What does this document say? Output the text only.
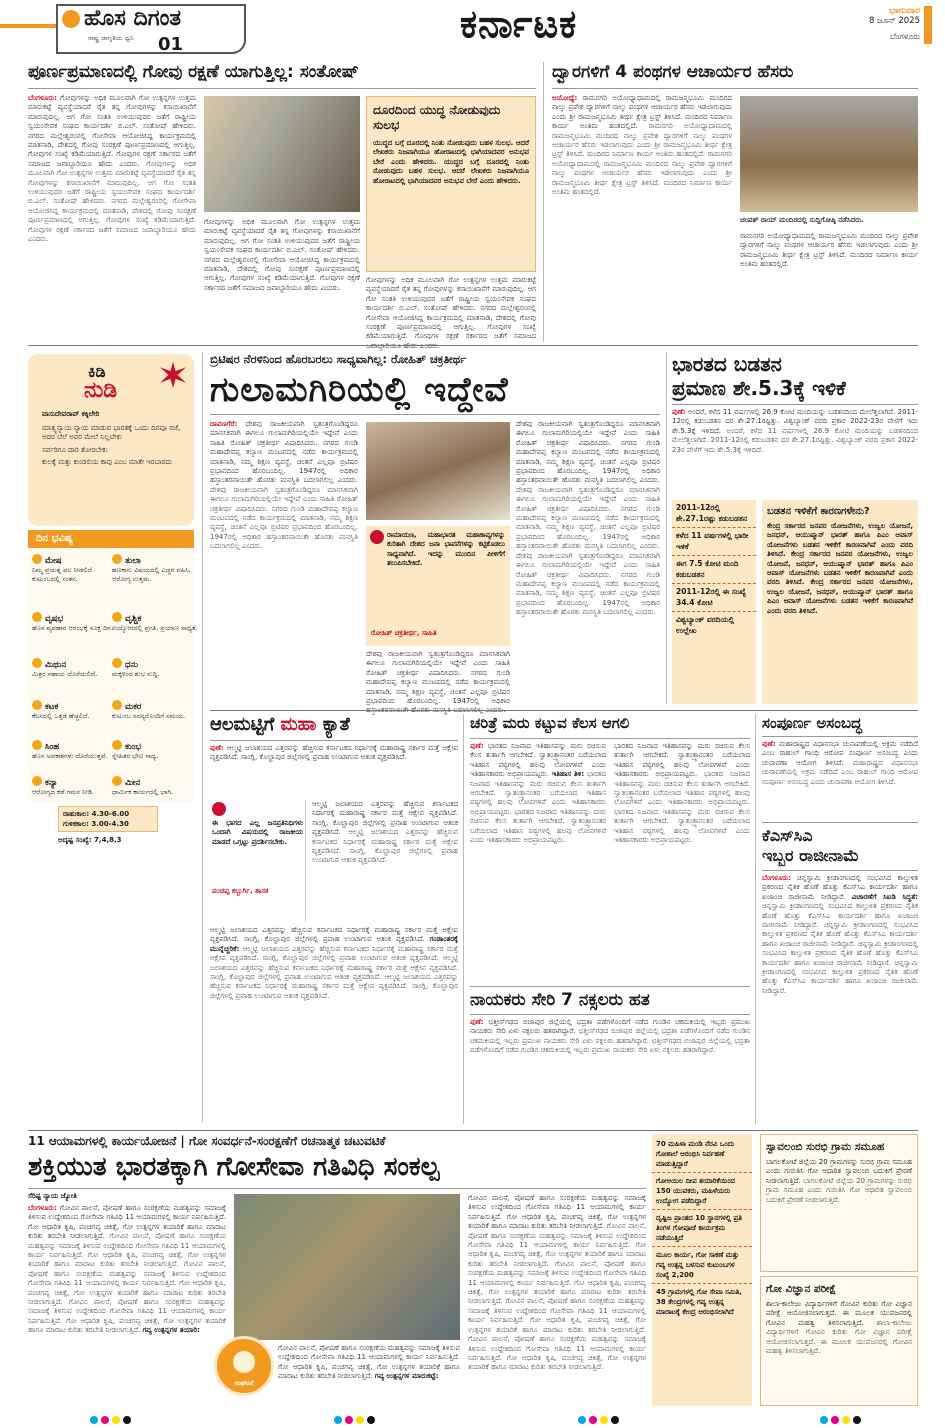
ಹೊಸ ದಿಗಂತ
ರಾಷ್ಟ್ರ ಜಾಗೃತಿಯ ಧ್ವನಿ 01	ಕರ್ನಾಟಕ	ಭಾನುವಾರ
8 ಜೂನ್ 2025
ಬೆಂಗಳೂರು
ಪೂರ್ಣಪ್ರಮಾಣದಲ್ಲಿ ಗೋವು ರಕ್ಷಣೆ ಯಾಗುತ್ತಿಲ್ಲ: ಸಂತೋಷ್
ಬೆಂಗಳೂರು: ಗೋವುಗಳನ್ನು ಅಧಿಕ ಮೂಲವಾಗಿ ಗೋ ಉತ್ಪನ್ನಗಳ ಉತ್ತಮ ಮಾರುಕಟ್ಟೆ ವ್ಯವಸ್ಥೆಯಾದರೆ ರೈತ ತನ್ನ ಗೋವುಗಳನ್ನು ಕಸಾಯಿಖಾನೆಗೆ ಮಾರುವುದಿಲ್ಲ. ಆಗ ಗೋ ಸಂತತಿ ಉಳಿಯುವುದರ ಜತೆಗೆ ರಾಷ್ಟ್ರೀಯ ಸ್ವಯಂಸೇವಕ ಸಂಘದ ಕಾರ್ಯದರ್ಶಿ ಬಿ.ಎಲ್. ಸಂತೋಷ್ ಹೇಳಿದರು. ನಗರದ ಮಲ್ಲೇಶ್ವರಂನಲ್ಲಿ ಗೋಸೇವಾ ಆಯೋಜಿಸಿದ್ದ ಕಾರ್ಯಕ್ರಮದಲ್ಲಿ ಮಾತನಾಡಿ, ದೇಶದಲ್ಲಿ ಗೋವು ಸಂರಕ್ಷಣೆ ಪೂರ್ಣಪ್ರಮಾಣದಲ್ಲಿ ಆಗುತ್ತಿಲ್ಲ. ಗೋವುಗಳ ಸಂಖ್ಯೆ ಕಡಿಮೆಯಾಗುತ್ತಿದೆ. ಗೋವುಗಳ ರಕ್ಷಣೆ ಸರ್ಕಾರದ ಜತೆಗೆ ಸಮಾಜದ ಜವಾಬ್ದಾರಿಯೂ ಹೌದು ಎಂದರು. ಗೋವುಗಳನ್ನು ಅಧಿಕ ಮೂಲವಾಗಿ ಗೋ ಉತ್ಪನ್ನಗಳ ಉತ್ತಮ ಮಾರುಕಟ್ಟೆ ವ್ಯವಸ್ಥೆಯಾದರೆ ರೈತ ತನ್ನ ಗೋವುಗಳನ್ನು ಕಸಾಯಿಖಾನೆಗೆ ಮಾರುವುದಿಲ್ಲ. ಆಗ ಗೋ ಸಂತತಿ ಉಳಿಯುವುದರ ಜತೆಗೆ ರಾಷ್ಟ್ರೀಯ ಸ್ವಯಂಸೇವಕ ಸಂಘದ ಕಾರ್ಯದರ್ಶಿ ಬಿ.ಎಲ್. ಸಂತೋಷ್ ಹೇಳಿದರು. ನಗರದ ಮಲ್ಲೇಶ್ವರಂನಲ್ಲಿ ಗೋಸೇವಾ ಆಯೋಜಿಸಿದ್ದ ಕಾರ್ಯಕ್ರಮದಲ್ಲಿ ಮಾತನಾಡಿ, ದೇಶದಲ್ಲಿ ಗೋವು ಸಂರಕ್ಷಣೆ ಪೂರ್ಣಪ್ರಮಾಣದಲ್ಲಿ ಆಗುತ್ತಿಲ್ಲ. ಗೋವುಗಳ ಸಂಖ್ಯೆ ಕಡಿಮೆಯಾಗುತ್ತಿದೆ. ಗೋವುಗಳ ರಕ್ಷಣೆ ಸರ್ಕಾರದ ಜತೆಗೆ ಸಮಾಜದ ಜವಾಬ್ದಾರಿಯೂ ಹೌದು ಎಂದರು.
ಗೋವುಗಳನ್ನು ಅಧಿಕ ಮೂಲವಾಗಿ ಗೋ ಉತ್ಪನ್ನಗಳ ಉತ್ತಮ ಮಾರುಕಟ್ಟೆ ವ್ಯವಸ್ಥೆಯಾದರೆ ರೈತ ತನ್ನ ಗೋವುಗಳನ್ನು ಕಸಾಯಿಖಾನೆಗೆ ಮಾರುವುದಿಲ್ಲ. ಆಗ ಗೋ ಸಂತತಿ ಉಳಿಯುವುದರ ಜತೆಗೆ ರಾಷ್ಟ್ರೀಯ ಸ್ವಯಂಸೇವಕ ಸಂಘದ ಕಾರ್ಯದರ್ಶಿ ಬಿ.ಎಲ್. ಸಂತೋಷ್ ಹೇಳಿದರು. ನಗರದ ಮಲ್ಲೇಶ್ವರಂನಲ್ಲಿ ಗೋಸೇವಾ ಆಯೋಜಿಸಿದ್ದ ಕಾರ್ಯಕ್ರಮದಲ್ಲಿ ಮಾತನಾಡಿ, ದೇಶದಲ್ಲಿ ಗೋವು ಸಂರಕ್ಷಣೆ ಪೂರ್ಣಪ್ರಮಾಣದಲ್ಲಿ ಆಗುತ್ತಿಲ್ಲ. ಗೋವುಗಳ ಸಂಖ್ಯೆ ಕಡಿಮೆಯಾಗುತ್ತಿದೆ. ಗೋವುಗಳ ರಕ್ಷಣೆ ಸರ್ಕಾರದ ಜತೆಗೆ ಸಮಾಜದ ಜವಾಬ್ದಾರಿಯೂ ಹೌದು ಎಂದರು.
ದೂರದಿಂದ ಯುದ್ಧ ನೋಡುವುದು ಸುಲಭ
ಯುದ್ಧದ ಬಗ್ಗೆ ದೂರದಲ್ಲಿ ನಿಂತು ನೋಡುವುದು ಬಹಳ ಸುಲಭ. ಆದರೆ ಲೇಖಕರು ನಿಜವಾಗಿಯೂ ಹೋರಾಟದಲ್ಲಿ ಭಾಗಿಯಾದವರ ಅನುಭವ ಬೇರೆ ಎಂದು ಹೇಳಿದರು. ಯುದ್ಧದ ಬಗ್ಗೆ ದೂರದಲ್ಲಿ ನಿಂತು ನೋಡುವುದು ಬಹಳ ಸುಲಭ. ಆದರೆ ಲೇಖಕರು ನಿಜವಾಗಿಯೂ ಹೋರಾಟದಲ್ಲಿ ಭಾಗಿಯಾದವರ ಅನುಭವ ಬೇರೆ ಎಂದು ಹೇಳಿದರು.
ಗೋವುಗಳನ್ನು ಅಧಿಕ ಮೂಲವಾಗಿ ಗೋ ಉತ್ಪನ್ನಗಳ ಉತ್ತಮ ಮಾರುಕಟ್ಟೆ ವ್ಯವಸ್ಥೆಯಾದರೆ ರೈತ ತನ್ನ ಗೋವುಗಳನ್ನು ಕಸಾಯಿಖಾನೆಗೆ ಮಾರುವುದಿಲ್ಲ. ಆಗ ಗೋ ಸಂತತಿ ಉಳಿಯುವುದರ ಜತೆಗೆ ರಾಷ್ಟ್ರೀಯ ಸ್ವಯಂಸೇವಕ ಸಂಘದ ಕಾರ್ಯದರ್ಶಿ ಬಿ.ಎಲ್. ಸಂತೋಷ್ ಹೇಳಿದರು. ನಗರದ ಮಲ್ಲೇಶ್ವರಂನಲ್ಲಿ ಗೋಸೇವಾ ಆಯೋಜಿಸಿದ್ದ ಕಾರ್ಯಕ್ರಮದಲ್ಲಿ ಮಾತನಾಡಿ, ದೇಶದಲ್ಲಿ ಗೋವು ಸಂರಕ್ಷಣೆ ಪೂರ್ಣಪ್ರಮಾಣದಲ್ಲಿ ಆಗುತ್ತಿಲ್ಲ. ಗೋವುಗಳ ಸಂಖ್ಯೆ ಕಡಿಮೆಯಾಗುತ್ತಿದೆ. ಗೋವುಗಳ ರಕ್ಷಣೆ ಸರ್ಕಾರದ ಜತೆಗೆ ಸಮಾಜದ
ದ್ವಾರಗಳಿಗೆ 4 ಪಂಥಗಳ ಆಚಾರ್ಯರ ಹೆಸರು
ಅಯೋಧ್ಯೆ: ರಾಮನಗರಿ ಅಯೋಧ್ಯಾಧಾಮದಲ್ಲಿ ರಾಮಜನ್ಮಭೂಮಿ ಮಂದಿರದ ನಾಲ್ಕು ಪ್ರವೇಶ ದ್ವಾರಗಳಿಗೆ ನಾಲ್ಕು ಪಂಥಗಳ ಆಚಾರ್ಯರ ಹೆಸರು ಇಡಲಾಗುವುದು ಎಂದು ಶ್ರೀ ರಾಮಜನ್ಮಭೂಮಿ ತೀರ್ಥ ಕ್ಷೇತ್ರ ಟ್ರಸ್ಟ್ ತಿಳಿಸಿದೆ. ಮಂದಿರದ ನಿರ್ಮಾಣ ಕಾರ್ಯ ಅಂತಿಮ ಹಂತದಲ್ಲಿದೆ. ರಾಮನಗರಿ ಅಯೋಧ್ಯಾಧಾಮದಲ್ಲಿ ರಾಮಜನ್ಮಭೂಮಿ ಮಂದಿರದ ನಾಲ್ಕು ಪ್ರವೇಶ ದ್ವಾರಗಳಿಗೆ ನಾಲ್ಕು ಪಂಥಗಳ ಆಚಾರ್ಯರ ಹೆಸರು ಇಡಲಾಗುವುದು ಎಂದು ಶ್ರೀ ರಾಮಜನ್ಮಭೂಮಿ ತೀರ್ಥ ಕ್ಷೇತ್ರ ಟ್ರಸ್ಟ್ ತಿಳಿಸಿದೆ. ಮಂದಿರದ ನಿರ್ಮಾಣ ಕಾರ್ಯ ಅಂತಿಮ ಹಂತದಲ್ಲಿದೆ. ರಾಮನಗರಿ ಅಯೋಧ್ಯಾಧಾಮದಲ್ಲಿ ರಾಮಜನ್ಮಭೂಮಿ ಮಂದಿರದ ನಾಲ್ಕು ಪ್ರವೇಶ ದ್ವಾರಗಳಿಗೆ ನಾಲ್ಕು ಪಂಥಗಳ ಆಚಾರ್ಯರ ಹೆಸರು ಇಡಲಾಗುವುದು ಎಂದು ಶ್ರೀ ರಾಮಜನ್ಮಭೂಮಿ ತೀರ್ಥ ಕ್ಷೇತ್ರ ಟ್ರಸ್ಟ್ ತಿಳಿಸಿದೆ. ಮಂದಿರದ ನಿರ್ಮಾಣ ಕಾರ್ಯ ಅಂತಿಮ ಹಂತದಲ್ಲಿದೆ.
ಚಂಪತ್ ರಾಯ್ ಮಂದಿರದಲ್ಲಿ ಸುದ್ದಿಗೋಷ್ಠಿ ನಡೆಸಿದರು.
ರಾಮನಗರಿ ಅಯೋಧ್ಯಾಧಾಮದಲ್ಲಿ ರಾಮಜನ್ಮಭೂಮಿ ಮಂದಿರದ ನಾಲ್ಕು ಪ್ರವೇಶ ದ್ವಾರಗಳಿಗೆ ನಾಲ್ಕು ಪಂಥಗಳ ಆಚಾರ್ಯರ ಹೆಸರು ಇಡಲಾಗುವುದು ಎಂದು ಶ್ರೀ ರಾಮಜನ್ಮಭೂಮಿ ತೀರ್ಥ ಕ್ಷೇತ್ರ ಟ್ರಸ್ಟ್ ತಿಳಿಸಿದೆ. ಮಂದಿರದ ನಿರ್ಮಾಣ ಕಾರ್ಯ ಅಂತಿಮ ಹಂತದಲ್ಲಿದೆ.
ಕಿಡಿ
ನುಡಿ
ವಾಸುದೇವರಾವ್ ಕಕ್ಕಿಲೇರಿ
ಮಾತ್ಸ್ಯನ್ಯಾಯ ನ್ಯಾಯ ಮಾಡುವ ಭಾರತಕ್ಕೆ ಒಂದು ದಿನವೂ ರಜೆ, ಅದರ ಬೆಲೆ ಅವರ ಮೇಲೆ ನಿಲ್ಲಬೇಕು
ಸರ್ವರಿಗೂ ದಾರಿ ತೋರಬೇಕು
ಕುಲಕ್ಕೆ ಮತ್ತು ಕುಂಡಲಿಯ ಕಾವು ಎಂಬ ಮಾತೇ ಇರಬಾರದು
ದಿನ ಭವಿಷ್ಯ
ಮೇಷ
ನಿಮ್ಮ ಪ್ರಯತ್ನ ಫಲ ನೀಡಲಿದೆ. ಕುಟುಂಬದಲ್ಲಿ ಸಂತಸ.
ತುಲಾ
ಹಣಕಾಸು ವಿಷಯದಲ್ಲಿ ಎಚ್ಚರ ವಹಿಸಿ. ಆರೋಗ್ಯ ಉತ್ತಮ.
ವೃಷಭ
ಹೊಸ ವ್ಯವಹಾರ ಆರಂಭಕ್ಕೆ ಸೂಕ್ತ ದಿನ.
ವೃಶ್ಚಿಕ
ಉದ್ಯೋಗದಲ್ಲಿ ಪ್ರಗತಿ. ಪ್ರಯಾಣ ಸಾಧ್ಯತೆ.
ಮಿಥುನ
ಮಿತ್ರರ ಸಹಾಯ ದೊರೆಯಲಿದೆ.
ಧನು
ಮಕ್ಕಳಿಂದ ಶುಭ ಸುದ್ದಿ.
ಕಟಕ
ಕೆಲಸದಲ್ಲಿ ಒತ್ತಡ ಹೆಚ್ಚಲಿದೆ.
ಮಕರ
ಕುಟುಂಬ ಸದಸ್ಯರೊಂದಿಗೆ ಸಮಯ.
ಸಿಂಹ
ಹೊಸ ಅವಕಾಶಗಳು ದೊರೆಯುತ್ತವೆ.
ಕುಂಭ
ಸ್ನೇಹಿತರ ಭೇಟಿ ಸಾಧ್ಯ.
ಕನ್ಯಾ
ಆರೋಗ್ಯದ ಕಡೆ ಗಮನ ನೀಡಿ.
ಮೀನ
ಧಾರ್ಮಿಕ ಕಾರ್ಯದಲ್ಲಿ ಭಾಗಿ.
ರಾಹುಕಾಲ: 4.30-6.00
ಗುಳಿಕಕಾಲ: 3.00-4.30
ಅದೃಷ್ಟ ಸಂಖ್ಯೆ: 7,4,8,3
ಬ್ರಿಟಿಷರ ನೆರಳಿನಿಂದ ಹೊರಬರಲು ಸಾಧ್ಯವಾಗಿಲ್ಲ: ರೋಹಿತ್ ಚಕ್ರತೀರ್ಥ
ಗುಲಾಮಗಿರಿಯಲ್ಲಿ ಇದ್ದೇವೆ
ದಾವಣಗೆರೆ: ದೇಶವು ರಾಜಕೀಯವಾಗಿ ಸ್ವತಂತ್ರಗೊಂಡಿದ್ದರೂ ಮಾನಸಿಕವಾಗಿ ಈಗಲೂ ಗುಲಾಮಗಿರಿಯಲ್ಲಿಯೇ ಇದ್ದೇವೆ ಎಂದು ಸಾಹಿತಿ ರೋಹಿತ್ ಚಕ್ರತೀರ್ಥ ವಿಷಾದಿಸಿದರು. ನಗರದ ಗುಂಡಿ ಮಹಾದೇವಪ್ಪ ಕಲ್ಯಾಣ ಮಂಟಪದಲ್ಲಿ ನಡೆದ ಕಾರ್ಯಕ್ರಮದಲ್ಲಿ ಮಾತನಾಡಿ, ನಮ್ಮ ಶಿಕ್ಷಣ ವ್ಯವಸ್ಥೆ, ಚಿಂತನೆ ಎಲ್ಲವೂ ಬ್ರಿಟಿಷರ ಪ್ರಭಾವದಿಂದ ಹೊರಬಂದಿಲ್ಲ. 1947ರಲ್ಲಿ ಅಧಿಕಾರ ಹಸ್ತಾಂತರವಾಯಿತೇ ಹೊರತು ಮನಸ್ಥಿತಿ ಬದಲಾಗಲಿಲ್ಲ ಎಂದರು. ದೇಶವು ರಾಜಕೀಯವಾಗಿ ಸ್ವತಂತ್ರಗೊಂಡಿದ್ದರೂ ಮಾನಸಿಕವಾಗಿ ಈಗಲೂ ಗುಲಾಮಗಿರಿಯಲ್ಲಿಯೇ ಇದ್ದೇವೆ ಎಂದು ಸಾಹಿತಿ ರೋಹಿತ್ ಚಕ್ರತೀರ್ಥ ವಿಷಾದಿಸಿದರು. ನಗರದ ಗುಂಡಿ ಮಹಾದೇವಪ್ಪ ಕಲ್ಯಾಣ ಮಂಟಪದಲ್ಲಿ ನಡೆದ ಕಾರ್ಯಕ್ರಮದಲ್ಲಿ ಮಾತನಾಡಿ, ನಮ್ಮ ಶಿಕ್ಷಣ ವ್ಯವಸ್ಥೆ, ಚಿಂತನೆ ಎಲ್ಲವೂ ಬ್ರಿಟಿಷರ ಪ್ರಭಾವದಿಂದ ಹೊರಬಂದಿಲ್ಲ. 1947ರಲ್ಲಿ ಅಧಿಕಾರ ಹಸ್ತಾಂತರವಾಯಿತೇ ಹೊರತು ಮನಸ್ಥಿತಿ ಬದಲಾಗಲಿಲ್ಲ ಎಂದರು.
ರಾಮಾಯಣ, ಮಹಾಭಾರತ ಮಹಾಕಾವ್ಯಗಳನ್ನು ಕುರಿತಾಗಿ ದೇಶದ ಜನಾ ಭಾವನೆಗಳನ್ನು ಕಟ್ಟಿಕೊಡಲು ಸಾಧ್ಯವಾಗಿದೆ. ಇದನ್ನು ಮುಂದಿನ ಪೀಳಿಗೆಗೆ ತಲುಪಿಸಬೇಕಿದೆ.
ರೋಹಿತ್ ಚಕ್ರತೀರ್ಥ, ಸಾಹಿತಿ
ದೇಶವು ರಾಜಕೀಯವಾಗಿ ಸ್ವತಂತ್ರಗೊಂಡಿದ್ದರೂ ಮಾನಸಿಕವಾಗಿ ಈಗಲೂ ಗುಲಾಮಗಿರಿಯಲ್ಲಿಯೇ ಇದ್ದೇವೆ ಎಂದು ಸಾಹಿತಿ ರೋಹಿತ್ ಚಕ್ರತೀರ್ಥ ವಿಷಾದಿಸಿದರು. ನಗರದ ಗುಂಡಿ ಮಹಾದೇವಪ್ಪ ಕಲ್ಯಾಣ ಮಂಟಪದಲ್ಲಿ ನಡೆದ ಕಾರ್ಯಕ್ರಮದಲ್ಲಿ ಮಾತನಾಡಿ, ನಮ್ಮ ಶಿಕ್ಷಣ ವ್ಯವಸ್ಥೆ, ಚಿಂತನೆ ಎಲ್ಲವೂ ಬ್ರಿಟಿಷರ ಪ್ರಭಾವದಿಂದ ಹೊರಬಂದಿಲ್ಲ. 1947ರಲ್ಲಿ ಅಧಿಕಾರ
ದೇಶವು ರಾಜಕೀಯವಾಗಿ ಸ್ವತಂತ್ರಗೊಂಡಿದ್ದರೂ ಮಾನಸಿಕವಾಗಿ ಈಗಲೂ ಗುಲಾಮಗಿರಿಯಲ್ಲಿಯೇ ಇದ್ದೇವೆ ಎಂದು ಸಾಹಿತಿ ರೋಹಿತ್ ಚಕ್ರತೀರ್ಥ ವಿಷಾದಿಸಿದರು. ನಗರದ ಗುಂಡಿ ಮಹಾದೇವಪ್ಪ ಕಲ್ಯಾಣ ಮಂಟಪದಲ್ಲಿ ನಡೆದ ಕಾರ್ಯಕ್ರಮದಲ್ಲಿ ಮಾತನಾಡಿ, ನಮ್ಮ ಶಿಕ್ಷಣ ವ್ಯವಸ್ಥೆ, ಚಿಂತನೆ ಎಲ್ಲವೂ ಬ್ರಿಟಿಷರ ಪ್ರಭಾವದಿಂದ ಹೊರಬಂದಿಲ್ಲ. 1947ರಲ್ಲಿ ಅಧಿಕಾರ ಹಸ್ತಾಂತರವಾಯಿತೇ ಹೊರತು ಮನಸ್ಥಿತಿ ಬದಲಾಗಲಿಲ್ಲ ಎಂದರು. ದೇಶವು ರಾಜಕೀಯವಾಗಿ ಸ್ವತಂತ್ರಗೊಂಡಿದ್ದರೂ ಮಾನಸಿಕವಾಗಿ ಈಗಲೂ ಗುಲಾಮಗಿರಿಯಲ್ಲಿಯೇ ಇದ್ದೇವೆ ಎಂದು ಸಾಹಿತಿ ರೋಹಿತ್ ಚಕ್ರತೀರ್ಥ ವಿಷಾದಿಸಿದರು. ನಗರದ ಗುಂಡಿ ಮಹಾದೇವಪ್ಪ ಕಲ್ಯಾಣ ಮಂಟಪದಲ್ಲಿ ನಡೆದ ಕಾರ್ಯಕ್ರಮದಲ್ಲಿ ಮಾತನಾಡಿ, ನಮ್ಮ ಶಿಕ್ಷಣ ವ್ಯವಸ್ಥೆ, ಚಿಂತನೆ ಎಲ್ಲವೂ ಬ್ರಿಟಿಷರ ಪ್ರಭಾವದಿಂದ ಹೊರಬಂದಿಲ್ಲ. 1947ರಲ್ಲಿ ಅಧಿಕಾರ ಹಸ್ತಾಂತರವಾಯಿತೇ ಹೊರತು ಮನಸ್ಥಿತಿ ಬದಲಾಗಲಿಲ್ಲ ಎಂದರು. ದೇಶವು ರಾಜಕೀಯವಾಗಿ ಸ್ವತಂತ್ರಗೊಂಡಿದ್ದರೂ ಮಾನಸಿಕವಾಗಿ ಈಗಲೂ ಗುಲಾಮಗಿರಿಯಲ್ಲಿಯೇ ಇದ್ದೇವೆ ಎಂದು ಸಾಹಿತಿ ರೋಹಿತ್ ಚಕ್ರತೀರ್ಥ ವಿಷಾದಿಸಿದರು. ನಗರದ ಗುಂಡಿ ಮಹಾದೇವಪ್ಪ ಕಲ್ಯಾಣ ಮಂಟಪದಲ್ಲಿ ನಡೆದ ಕಾರ್ಯಕ್ರಮದಲ್ಲಿ ಮಾತನಾಡಿ, ನಮ್ಮ ಶಿಕ್ಷಣ ವ್ಯವಸ್ಥೆ, ಚಿಂತನೆ ಎಲ್ಲವೂ ಬ್ರಿಟಿಷರ ಪ್ರಭಾವದಿಂದ ಹೊರಬಂದಿಲ್ಲ. 1947ರಲ್ಲಿ ಅಧಿಕಾರ ಹಸ್ತಾಂತರವಾಯಿತೇ ಹೊರತು ಮನಸ್ಥಿತಿ ಬದಲಾಗಲಿಲ್ಲ ಎಂದರು.
ಭಾರತದ ಬಡತನ
ಪ್ರಮಾಣ ಶೇ.5.3ಕ್ಕೆ ಇಳಿಕೆ
ಪುಣೆ: ಅಂದರೆ, ಕಳೆದ 11 ವರ್ಷಗಳಲ್ಲಿ 26.9 ಕೋಟಿ ಮಂದಿಯನ್ನು ಬಡತನದಿಂದ ಮೇಲೆತ್ತಲಾಗಿದೆ. 2011-12ರಲ್ಲಿ ಕಡುಬಡತನ ದರ ಶೇ.27.1ರಷ್ಟಿತ್ತು. ವಿಶ್ವಬ್ಯಾಂಕ್ ವರದಿ ಪ್ರಕಾರ 2022-23ರ ವೇಳೆಗೆ ಇದು ಶೇ.5.3ಕ್ಕೆ ಇಳಿದಿದೆ. ಅಂದರೆ, ಕಳೆದ 11 ವರ್ಷಗಳಲ್ಲಿ 26.9 ಕೋಟಿ ಮಂದಿಯನ್ನು ಬಡತನದಿಂದ ಮೇಲೆತ್ತಲಾಗಿದೆ. 2011-12ರಲ್ಲಿ ಕಡುಬಡತನ ದರ ಶೇ.27.1ರಷ್ಟಿತ್ತು. ವಿಶ್ವಬ್ಯಾಂಕ್ ವರದಿ ಪ್ರಕಾರ 2022-23ರ ವೇಳೆಗೆ ಇದು ಶೇ.5.3ಕ್ಕೆ ಇಳಿದಿದೆ.
2011-12ರಲ್ಲಿ ಶೇ.27.1ರಷ್ಟು ಕಡುಬಡತನ
ಕಳೆದ 11 ವರ್ಷಗಳಲ್ಲಿ ಭಾರೀ ಇಳಿಕೆ
ಈಗ 7.5 ಕೋಟಿ ಮಂದಿ ಕಡುಬಡತನ
2011-12ರಲ್ಲಿ ಈ ಸಂಖ್ಯೆ 34.4 ಕೋಟಿ
ವಿಶ್ವಬ್ಯಾಂಕ್ ವರದಿಯಲ್ಲಿ ಉಲ್ಲೇಖ
ಬಡತನ ಇಳಿಕೆಗೆ ಕಾರಣಗಳೇನು?
ಕೇಂದ್ರ ಸರ್ಕಾರದ ಜನಪರ ಯೋಜನೆಗಳು, ಉಜ್ವಲ ಯೋಜನೆ, ಜನಧನ್, ಆಯುಷ್ಮಾನ್ ಭಾರತ್ ಹಾಗೂ ಪಿಎಂ ಆವಾಸ್ ಯೋಜನೆಗಳು ಬಡತನ ಇಳಿಕೆಗೆ ಕಾರಣವಾಗಿವೆ ಎಂದು ವರದಿ ತಿಳಿಸಿದೆ. ಕೇಂದ್ರ ಸರ್ಕಾರದ ಜನಪರ ಯೋಜನೆಗಳು, ಉಜ್ವಲ ಯೋಜನೆ, ಜನಧನ್, ಆಯುಷ್ಮಾನ್ ಭಾರತ್ ಹಾಗೂ ಪಿಎಂ ಆವಾಸ್ ಯೋಜನೆಗಳು ಬಡತನ ಇಳಿಕೆಗೆ ಕಾರಣವಾಗಿವೆ ಎಂದು ವರದಿ ತಿಳಿಸಿದೆ. ಕೇಂದ್ರ ಸರ್ಕಾರದ ಜನಪರ ಯೋಜನೆಗಳು, ಉಜ್ವಲ ಯೋಜನೆ, ಜನಧನ್, ಆಯುಷ್ಮಾನ್ ಭಾರತ್ ಹಾಗೂ ಪಿಎಂ ಆವಾಸ್ ಯೋಜನೆಗಳು ಬಡತನ ಇಳಿಕೆಗೆ ಕಾರಣವಾಗಿವೆ ಎಂದು ವರದಿ ತಿಳಿಸಿದೆ.
ಆಲಮಟ್ಟಿಗೆ ಮಹಾ ಕ್ಯಾತೆ
ಪುಣೆ: ಆಲ್ಮಟ್ಟಿ ಜಲಾಶಯದ ಎತ್ತರವನ್ನು ಹೆಚ್ಚಿಸುವ ಕರ್ನಾಟಕದ ನಿರ್ಧಾರಕ್ಕೆ ಮಹಾರಾಷ್ಟ್ರ ಸರ್ಕಾರ ಮತ್ತೆ ಆಕ್ಷೇಪ ವ್ಯಕ್ತಪಡಿಸಿದೆ. ಸಾಂಗ್ಲಿ, ಕೊಲ್ಹಾಪುರ ಜಿಲ್ಲೆಗಳಲ್ಲಿ ಪ್ರವಾಹ ಉಂಟಾಗುವ ಆತಂಕ ವ್ಯಕ್ತಪಡಿಸಿದೆ.
ಈ ಭಾಗದ ಎಲ್ಲ ಜನಪ್ರತಿನಿಧಿಗಳು ಒಂದಾಗಿ ವಿಷಯದಲ್ಲಿ ರಾಜಕೀಯ ಮಾಡದೆ ಒಗ್ಗಟ್ಟು ಪ್ರದರ್ಶಿಸಬೇಕು.
ಪಂಚಪ್ಪ ಕಲ್ಬುರ್ಗಿ, ಶಾಸಕ
ಆಲ್ಮಟ್ಟಿ ಜಲಾಶಯದ ಎತ್ತರವನ್ನು ಹೆಚ್ಚಿಸುವ ಕರ್ನಾಟಕದ ನಿರ್ಧಾರಕ್ಕೆ ಮಹಾರಾಷ್ಟ್ರ ಸರ್ಕಾರ ಮತ್ತೆ ಆಕ್ಷೇಪ ವ್ಯಕ್ತಪಡಿಸಿದೆ. ಸಾಂಗ್ಲಿ, ಕೊಲ್ಹಾಪುರ ಜಿಲ್ಲೆಗಳಲ್ಲಿ ಪ್ರವಾಹ ಉಂಟಾಗುವ ಆತಂಕ ವ್ಯಕ್ತಪಡಿಸಿದೆ. ಆಲ್ಮಟ್ಟಿ ಜಲಾಶಯದ ಎತ್ತರವನ್ನು ಹೆಚ್ಚಿಸುವ ಕರ್ನಾಟಕದ ನಿರ್ಧಾರಕ್ಕೆ ಮಹಾರಾಷ್ಟ್ರ ಸರ್ಕಾರ ಮತ್ತೆ ಆಕ್ಷೇಪ ವ್ಯಕ್ತಪಡಿಸಿದೆ. ಸಾಂಗ್ಲಿ, ಕೊಲ್ಹಾಪುರ ಜಿಲ್ಲೆಗಳಲ್ಲಿ ಪ್ರವಾಹ ಉಂಟಾಗುವ ಆತಂಕ ವ್ಯಕ್ತಪಡಿಸಿದೆ.
ಆಲ್ಮಟ್ಟಿ ಜಲಾಶಯದ ಎತ್ತರವನ್ನು ಹೆಚ್ಚಿಸುವ ಕರ್ನಾಟಕದ ನಿರ್ಧಾರಕ್ಕೆ ಮಹಾರಾಷ್ಟ್ರ ಸರ್ಕಾರ ಮತ್ತೆ ಆಕ್ಷೇಪ ವ್ಯಕ್ತಪಡಿಸಿದೆ. ಸಾಂಗ್ಲಿ, ಕೊಲ್ಹಾಪುರ ಜಿಲ್ಲೆಗಳಲ್ಲಿ ಪ್ರವಾಹ ಉಂಟಾಗುವ ಆತಂಕ ವ್ಯಕ್ತಪಡಿಸಿದೆ. ಗಂಡಾಂತರಕ್ಕೆ ಮುನ್ನೆಚ್ಚರಿಕೆ: ಆಲ್ಮಟ್ಟಿ ಜಲಾಶಯದ ಎತ್ತರವನ್ನು ಹೆಚ್ಚಿಸುವ ಕರ್ನಾಟಕದ ನಿರ್ಧಾರಕ್ಕೆ ಮಹಾರಾಷ್ಟ್ರ ಸರ್ಕಾರ ಮತ್ತೆ ಆಕ್ಷೇಪ ವ್ಯಕ್ತಪಡಿಸಿದೆ. ಸಾಂಗ್ಲಿ, ಕೊಲ್ಹಾಪುರ ಜಿಲ್ಲೆಗಳಲ್ಲಿ ಪ್ರವಾಹ ಉಂಟಾಗುವ ಆತಂಕ ವ್ಯಕ್ತಪಡಿಸಿದೆ. ಆಲ್ಮಟ್ಟಿ ಜಲಾಶಯದ ಎತ್ತರವನ್ನು ಹೆಚ್ಚಿಸುವ ಕರ್ನಾಟಕದ ನಿರ್ಧಾರಕ್ಕೆ ಮಹಾರಾಷ್ಟ್ರ ಸರ್ಕಾರ ಮತ್ತೆ ಆಕ್ಷೇಪ ವ್ಯಕ್ತಪಡಿಸಿದೆ. ಸಾಂಗ್ಲಿ, ಕೊಲ್ಹಾಪುರ ಜಿಲ್ಲೆಗಳಲ್ಲಿ ಪ್ರವಾಹ ಉಂಟಾಗುವ ಆತಂಕ ವ್ಯಕ್ತಪಡಿಸಿದೆ. ಆಲ್ಮಟ್ಟಿ ಜಲಾಶಯದ ಎತ್ತರವನ್ನು ಹೆಚ್ಚಿಸುವ ಕರ್ನಾಟಕದ ನಿರ್ಧಾರಕ್ಕೆ ಮಹಾರಾಷ್ಟ್ರ ಸರ್ಕಾರ ಮತ್ತೆ ಆಕ್ಷೇಪ ವ್ಯಕ್ತಪಡಿಸಿದೆ. ಸಾಂಗ್ಲಿ, ಕೊಲ್ಹಾಪುರ ಜಿಲ್ಲೆಗಳಲ್ಲಿ ಪ್ರವಾಹ ಉಂಟಾಗುವ ಆತಂಕ ವ್ಯಕ್ತಪಡಿಸಿದೆ.
ಚರಿತ್ರೆ ಮರು ಕಟ್ಟುವ ಕೆಲಸ ಆಗಲಿ
ಪುಣೆ: ಭಾರತದ ನಿಜವಾದ ಇತಿಹಾಸವನ್ನು ಮರು ರಚಿಸುವ ಕೆಲಸ ತುರ್ತಾಗಿ ಆಗಬೇಕಿದೆ. ಸ್ವಾತಂತ್ರ್ಯಾನಂತರ ಬರೆಯಲಾದ ಇತಿಹಾಸ ಪಠ್ಯಗಳಲ್ಲಿ ಹಲವು ಲೋಪಗಳಿವೆ ಎಂದು ಇತಿಹಾಸಕಾರರು ಅಭಿಪ್ರಾಯಪಟ್ಟರು. ಇತಿಹಾಸ ತಿಳಿ: ಭಾರತದ ನಿಜವಾದ ಇತಿಹಾಸವನ್ನು ಮರು ರಚಿಸುವ ಕೆಲಸ ತುರ್ತಾಗಿ ಆಗಬೇಕಿದೆ. ಸ್ವಾತಂತ್ರ್ಯಾನಂತರ ಬರೆಯಲಾದ ಇತಿಹಾಸ ಪಠ್ಯಗಳಲ್ಲಿ ಹಲವು ಲೋಪಗಳಿವೆ ಎಂದು ಇತಿಹಾಸಕಾರರು ಅಭಿಪ್ರಾಯಪಟ್ಟರು. ಭಾರತದ ನಿಜವಾದ ಇತಿಹಾಸವನ್ನು ಮರು ರಚಿಸುವ ಕೆಲಸ ತುರ್ತಾಗಿ ಆಗಬೇಕಿದೆ. ಸ್ವಾತಂತ್ರ್ಯಾನಂತರ ಬರೆಯಲಾದ ಇತಿಹಾಸ ಪಠ್ಯಗಳಲ್ಲಿ ಹಲವು ಲೋಪಗಳಿವೆ ಎಂದು ಇತಿಹಾಸಕಾರರು ಅಭಿಪ್ರಾಯಪಟ್ಟರು.
ಭಾರತದ ನಿಜವಾದ ಇತಿಹಾಸವನ್ನು ಮರು ರಚಿಸುವ ಕೆಲಸ ತುರ್ತಾಗಿ ಆಗಬೇಕಿದೆ. ಸ್ವಾತಂತ್ರ್ಯಾನಂತರ ಬರೆಯಲಾದ ಇತಿಹಾಸ ಪಠ್ಯಗಳಲ್ಲಿ ಹಲವು ಲೋಪಗಳಿವೆ ಎಂದು ಇತಿಹಾಸಕಾರರು ಅಭಿಪ್ರಾಯಪಟ್ಟರು. ಭಾರತದ ನಿಜವಾದ ಇತಿಹಾಸವನ್ನು ಮರು ರಚಿಸುವ ಕೆಲಸ ತುರ್ತಾಗಿ ಆಗಬೇಕಿದೆ. ಸ್ವಾತಂತ್ರ್ಯಾನಂತರ ಬರೆಯಲಾದ ಇತಿಹಾಸ ಪಠ್ಯಗಳಲ್ಲಿ ಹಲವು ಲೋಪಗಳಿವೆ ಎಂದು ಇತಿಹಾಸಕಾರರು ಅಭಿಪ್ರಾಯಪಟ್ಟರು. ಭಾರತದ ನಿಜವಾದ ಇತಿಹಾಸವನ್ನು ಮರು ರಚಿಸುವ ಕೆಲಸ ತುರ್ತಾಗಿ ಆಗಬೇಕಿದೆ. ಸ್ವಾತಂತ್ರ್ಯಾನಂತರ ಬರೆಯಲಾದ ಇತಿಹಾಸ ಪಠ್ಯಗಳಲ್ಲಿ ಹಲವು ಲೋಪಗಳಿವೆ ಎಂದು ಇತಿಹಾಸಕಾರರು ಅಭಿಪ್ರಾಯಪಟ್ಟರು.
ನಾಯಕರು ಸೇರಿ 7 ನಕ್ಸಲರು ಹತ
ಪುಣೆ: ಛತ್ತೀಸ್‌ಗಢದ ಬಿಜಾಪುರ ಜಿಲ್ಲೆಯಲ್ಲಿ ಭದ್ರತಾ ಪಡೆಗಳೊಂದಿಗೆ ನಡೆದ ಗುಂಡಿನ ಚಕಮಕಿಯಲ್ಲಿ ಇಬ್ಬರು ಪ್ರಮುಖ ನಾಯಕರು ಸೇರಿ ಏಳು ನಕ್ಸಲರು ಹತರಾಗಿದ್ದಾರೆ. ಛತ್ತೀಸ್‌ಗಢದ ಬಿಜಾಪುರ ಜಿಲ್ಲೆಯಲ್ಲಿ ಭದ್ರತಾ ಪಡೆಗಳೊಂದಿಗೆ ನಡೆದ ಗುಂಡಿನ ಚಕಮಕಿಯಲ್ಲಿ ಇಬ್ಬರು ಪ್ರಮುಖ ನಾಯಕರು ಸೇರಿ ಏಳು ನಕ್ಸಲರು ಹತರಾಗಿದ್ದಾರೆ. ಛತ್ತೀಸ್‌ಗಢದ ಬಿಜಾಪುರ ಜಿಲ್ಲೆಯಲ್ಲಿ ಭದ್ರತಾ ಪಡೆಗಳೊಂದಿಗೆ ನಡೆದ ಗುಂಡಿನ ಚಕಮಕಿಯಲ್ಲಿ ಇಬ್ಬರು ಪ್ರಮುಖ ನಾಯಕರು ಸೇರಿ ಏಳು ನಕ್ಸಲರು ಹತರಾಗಿದ್ದಾರೆ.
ಸಂಪೂರ್ಣ ಅಸಂಬದ್ಧ
ಪುಣೆ: ಮಹಾರಾಷ್ಟ್ರದ ವಿಧಾನಸಭಾ ಚುನಾವಣೆಯಲ್ಲಿ ಅಕ್ರಮ ನಡೆದಿದೆ ಎಂಬ ರಾಹುಲ್ ಗಾಂಧಿ ಆರೋಪ ಸಂಪೂರ್ಣ ಅಸಂಬದ್ಧ ಎಂದು ಚುನಾವಣಾ ಆಯೋಗ ತಿಳಿಸಿದೆ. ಮಹಾರಾಷ್ಟ್ರದ ವಿಧಾನಸಭಾ ಚುನಾವಣೆಯಲ್ಲಿ ಅಕ್ರಮ ನಡೆದಿದೆ ಎಂಬ ರಾಹುಲ್ ಗಾಂಧಿ ಆರೋಪ ಸಂಪೂರ್ಣ ಅಸಂಬದ್ಧ ಎಂದು ಚುನಾವಣಾ ಆಯೋಗ ತಿಳಿಸಿದೆ.
ಕೆಎಸ್‌ಸಿಎ
ಇಬ್ಬರ ರಾಜೀನಾಮೆ
ಬೆಂಗಳೂರು: ಚಿನ್ನಸ್ವಾಮಿ ಕ್ರೀಡಾಂಗಣದಲ್ಲಿ ಸಂಭವಿಸಿದ ಕಾಲ್ತುಳಿತ ಪ್ರಕರಣದ ನೈತಿಕ ಹೊಣೆ ಹೊತ್ತು ಕೆಎಸ್‌ಸಿಎ ಕಾರ್ಯದರ್ಶಿ ಹಾಗೂ ಖಜಾಂಚಿ ರಾಜೀನಾಮೆ ನೀಡಿದ್ದಾರೆ. ವಿಚಾರಣೆಗೆ ಸಿಐಡಿ ಸಿದ್ಧತೆ: ಚಿನ್ನಸ್ವಾಮಿ ಕ್ರೀಡಾಂಗಣದಲ್ಲಿ ಸಂಭವಿಸಿದ ಕಾಲ್ತುಳಿತ ಪ್ರಕರಣದ ನೈತಿಕ ಹೊಣೆ ಹೊತ್ತು ಕೆಎಸ್‌ಸಿಎ ಕಾರ್ಯದರ್ಶಿ ಹಾಗೂ ಖಜಾಂಚಿ ರಾಜೀನಾಮೆ ನೀಡಿದ್ದಾರೆ. ಚಿನ್ನಸ್ವಾಮಿ ಕ್ರೀಡಾಂಗಣದಲ್ಲಿ ಸಂಭವಿಸಿದ ಕಾಲ್ತುಳಿತ ಪ್ರಕರಣದ ನೈತಿಕ ಹೊಣೆ ಹೊತ್ತು ಕೆಎಸ್‌ಸಿಎ ಕಾರ್ಯದರ್ಶಿ ಹಾಗೂ ಖಜಾಂಚಿ ರಾಜೀನಾಮೆ ನೀಡಿದ್ದಾರೆ. ಚಿನ್ನಸ್ವಾಮಿ ಕ್ರೀಡಾಂಗಣದಲ್ಲಿ ಸಂಭವಿಸಿದ ಕಾಲ್ತುಳಿತ ಪ್ರಕರಣದ ನೈತಿಕ ಹೊಣೆ ಹೊತ್ತು ಕೆಎಸ್‌ಸಿಎ ಕಾರ್ಯದರ್ಶಿ ಹಾಗೂ ಖಜಾಂಚಿ ರಾಜೀನಾಮೆ ನೀಡಿದ್ದಾರೆ. ಚಿನ್ನಸ್ವಾಮಿ ಕ್ರೀಡಾಂಗಣದಲ್ಲಿ ಸಂಭವಿಸಿದ ಕಾಲ್ತುಳಿತ ಪ್ರಕರಣದ ನೈತಿಕ ಹೊಣೆ ಹೊತ್ತು ಕೆಎಸ್‌ಸಿಎ ಕಾರ್ಯದರ್ಶಿ ಹಾಗೂ ಖಜಾಂಚಿ ರಾಜೀನಾಮೆ ನೀಡಿದ್ದಾರೆ.
11 ಆಯಾಮಗಳಲ್ಲಿ ಕಾರ್ಯಯೋಜನೆ | ಗೋ ಸಂವರ್ಧನೆ-ಸಂರಕ್ಷಣೆಗೆ ರಚನಾತ್ಮಕ ಚಟುವಟಿಕೆ
ಶಕ್ತಿಯುತ ಭಾರತಕ್ಕಾಗಿ ಗೋಸೇವಾ ಗತಿವಿಧಿ ಸಂಕಲ್ಪ
ಸೆರಿಷ್ಟ ನ್ಯಾಯ ಜ್ಯೋತಿ
ಬೆಂಗಳೂರು: ಗೋವಿನ ಪಾಲನೆ, ಪೋಷಣೆ ಹಾಗೂ ಸಂರಕ್ಷಣೆಯ ಮಹತ್ವವನ್ನು ಸಮಾಜಕ್ಕೆ ತಿಳಿಸುವ ಉದ್ದೇಶದಿಂದ ಗೋಸೇವಾ ಗತಿವಿಧಿ 11 ಆಯಾಮಗಳಲ್ಲಿ ಕಾರ್ಯ ನಿರ್ವಹಿಸುತ್ತಿದೆ. ಗೋ ಆಧಾರಿತ ಕೃಷಿ, ಪಂಚಗವ್ಯ ಚಿಕಿತ್ಸೆ, ಗೋ ಉತ್ಪನ್ನಗಳ ತಯಾರಿಕೆ ಹಾಗೂ ಮಾರಾಟ ಕುರಿತು ತರಬೇತಿ ನೀಡಲಾಗುತ್ತಿದೆ. ಗೋವಿನ ಪಾಲನೆ, ಪೋಷಣೆ ಹಾಗೂ ಸಂರಕ್ಷಣೆಯ ಮಹತ್ವವನ್ನು ಸಮಾಜಕ್ಕೆ ತಿಳಿಸುವ ಉದ್ದೇಶದಿಂದ ಗೋಸೇವಾ ಗತಿವಿಧಿ 11 ಆಯಾಮಗಳಲ್ಲಿ ಕಾರ್ಯ ನಿರ್ವಹಿಸುತ್ತಿದೆ. ಗೋ ಆಧಾರಿತ ಕೃಷಿ, ಪಂಚಗವ್ಯ ಚಿಕಿತ್ಸೆ, ಗೋ ಉತ್ಪನ್ನಗಳ ತಯಾರಿಕೆ ಹಾಗೂ ಮಾರಾಟ ಕುರಿತು ತರಬೇತಿ ನೀಡಲಾಗುತ್ತಿದೆ. ಗೋವಿನ ಪಾಲನೆ, ಪೋಷಣೆ ಹಾಗೂ ಸಂರಕ್ಷಣೆಯ ಮಹತ್ವವನ್ನು ಸಮಾಜಕ್ಕೆ ತಿಳಿಸುವ ಉದ್ದೇಶದಿಂದ ಗೋಸೇವಾ ಗತಿವಿಧಿ 11 ಆಯಾಮಗಳಲ್ಲಿ ಕಾರ್ಯ ನಿರ್ವಹಿಸುತ್ತಿದೆ. ಗೋ ಆಧಾರಿತ ಕೃಷಿ, ಪಂಚಗವ್ಯ ಚಿಕಿತ್ಸೆ, ಗೋ ಉತ್ಪನ್ನಗಳ ತಯಾರಿಕೆ ಹಾಗೂ ಮಾರಾಟ ಕುರಿತು ತರಬೇತಿ ನೀಡಲಾಗುತ್ತಿದೆ. ಗೋವಿನ ಪಾಲನೆ, ಪೋಷಣೆ ಹಾಗೂ ಸಂರಕ್ಷಣೆಯ ಮಹತ್ವವನ್ನು ಸಮಾಜಕ್ಕೆ ತಿಳಿಸುವ ಉದ್ದೇಶದಿಂದ ಗೋಸೇವಾ ಗತಿವಿಧಿ 11 ಆಯಾಮಗಳಲ್ಲಿ ಕಾರ್ಯ ನಿರ್ವಹಿಸುತ್ತಿದೆ. ಗೋ ಆಧಾರಿತ ಕೃಷಿ, ಪಂಚಗವ್ಯ ಚಿಕಿತ್ಸೆ, ಗೋ ಉತ್ಪನ್ನಗಳ ತಯಾರಿಕೆ ಹಾಗೂ ಮಾರಾಟ ಕುರಿತು ತರಬೇತಿ ನೀಡಲಾಗುತ್ತಿದೆ. ಗವ್ಯ ಉತ್ಪನ್ನಗಳ ತಯಾರಿ:
ಸಂಘಟನೆ
ಗೋವಿನ ಪಾಲನೆ, ಪೋಷಣೆ ಹಾಗೂ ಸಂರಕ್ಷಣೆಯ ಮಹತ್ವವನ್ನು ಸಮಾಜಕ್ಕೆ ತಿಳಿಸುವ ಉದ್ದೇಶದಿಂದ ಗೋಸೇವಾ ಗತಿವಿಧಿ 11 ಆಯಾಮಗಳಲ್ಲಿ ಕಾರ್ಯ ನಿರ್ವಹಿಸುತ್ತಿದೆ. ಗೋ ಆಧಾರಿತ ಕೃಷಿ, ಪಂಚಗವ್ಯ ಚಿಕಿತ್ಸೆ, ಗೋ ಉತ್ಪನ್ನಗಳ ತಯಾರಿಕೆ ಹಾಗೂ ಮಾರಾಟ ಕುರಿತು ತರಬೇತಿ ನೀಡಲಾಗುತ್ತಿದೆ. ಗವ್ಯ ಉತ್ಪನ್ನಗಳ ಮಾರುಕಟ್ಟೆ:
ಗೋವಿನ ಪಾಲನೆ, ಪೋಷಣೆ ಹಾಗೂ ಸಂರಕ್ಷಣೆಯ ಮಹತ್ವವನ್ನು ಸಮಾಜಕ್ಕೆ ತಿಳಿಸುವ ಉದ್ದೇಶದಿಂದ ಗೋಸೇವಾ ಗತಿವಿಧಿ 11 ಆಯಾಮಗಳಲ್ಲಿ ಕಾರ್ಯ ನಿರ್ವಹಿಸುತ್ತಿದೆ. ಗೋ ಆಧಾರಿತ ಕೃಷಿ, ಪಂಚಗವ್ಯ ಚಿಕಿತ್ಸೆ, ಗೋ ಉತ್ಪನ್ನಗಳ ತಯಾರಿಕೆ ಹಾಗೂ ಮಾರಾಟ ಕುರಿತು ತರಬೇತಿ ನೀಡಲಾಗುತ್ತಿದೆ. ಗೋವಿನ ಪಾಲನೆ, ಪೋಷಣೆ ಹಾಗೂ ಸಂರಕ್ಷಣೆಯ ಮಹತ್ವವನ್ನು ಸಮಾಜಕ್ಕೆ ತಿಳಿಸುವ ಉದ್ದೇಶದಿಂದ ಗೋಸೇವಾ ಗತಿವಿಧಿ 11 ಆಯಾಮಗಳಲ್ಲಿ ಕಾರ್ಯ ನಿರ್ವಹಿಸುತ್ತಿದೆ. ಗೋ ಆಧಾರಿತ ಕೃಷಿ, ಪಂಚಗವ್ಯ ಚಿಕಿತ್ಸೆ, ಗೋ ಉತ್ಪನ್ನಗಳ ತಯಾರಿಕೆ ಹಾಗೂ ಮಾರಾಟ ಕುರಿತು ತರಬೇತಿ ನೀಡಲಾಗುತ್ತಿದೆ. ಗೋವಿನ ಪಾಲನೆ, ಪೋಷಣೆ ಹಾಗೂ ಸಂರಕ್ಷಣೆಯ ಮಹತ್ವವನ್ನು ಸಮಾಜಕ್ಕೆ ತಿಳಿಸುವ ಉದ್ದೇಶದಿಂದ ಗೋಸೇವಾ ಗತಿವಿಧಿ 11 ಆಯಾಮಗಳಲ್ಲಿ ಕಾರ್ಯ ನಿರ್ವಹಿಸುತ್ತಿದೆ. ಗೋ ಆಧಾರಿತ ಕೃಷಿ, ಪಂಚಗವ್ಯ ಚಿಕಿತ್ಸೆ, ಗೋ ಉತ್ಪನ್ನಗಳ ತಯಾರಿಕೆ ಹಾಗೂ ಮಾರಾಟ ಕುರಿತು ತರಬೇತಿ ನೀಡಲಾಗುತ್ತಿದೆ. ಗೋವಿನ ಪಾಲನೆ, ಪೋಷಣೆ ಹಾಗೂ ಸಂರಕ್ಷಣೆಯ ಮಹತ್ವವನ್ನು ಸಮಾಜಕ್ಕೆ ತಿಳಿಸುವ ಉದ್ದೇಶದಿಂದ ಗೋಸೇವಾ ಗತಿವಿಧಿ 11 ಆಯಾಮಗಳಲ್ಲಿ ಕಾರ್ಯ ನಿರ್ವಹಿಸುತ್ತಿದೆ. ಗೋ ಆಧಾರಿತ ಕೃಷಿ, ಪಂಚಗವ್ಯ ಚಿಕಿತ್ಸೆ, ಗೋ ಉತ್ಪನ್ನಗಳ ತಯಾರಿಕೆ ಹಾಗೂ ಮಾರಾಟ ಕುರಿತು ತರಬೇತಿ ನೀಡಲಾಗುತ್ತಿದೆ. ಗೋವಿನ ಪಾಲನೆ, ಪೋಷಣೆ ಹಾಗೂ ಸಂರಕ್ಷಣೆಯ ಮಹತ್ವವನ್ನು ಸಮಾಜಕ್ಕೆ ತಿಳಿಸುವ ಉದ್ದೇಶದಿಂದ ಗೋಸೇವಾ ಗತಿವಿಧಿ 11 ಆಯಾಮಗಳಲ್ಲಿ ಕಾರ್ಯ ನಿರ್ವಹಿಸುತ್ತಿದೆ. ಗೋ ಆಧಾರಿತ ಕೃಷಿ, ಪಂಚಗವ್ಯ ಚಿಕಿತ್ಸೆ, ಗೋ ಉತ್ಪನ್ನಗಳ ತಯಾರಿಕೆ ಹಾಗೂ ಮಾರಾಟ ಕುರಿತು ತರಬೇತಿ ನೀಡಲಾಗುತ್ತಿದೆ.
70 ಮಹಿಳಾ ಮಂಡಿ ನೆರವಿ ಒಂದು ಗೋಶಾಲೆ ಆರಂಭಿಸಿ ನಿರ್ವಹಣೆ ಮಾಡುತ್ತಿದ್ದಾರೆ
ಗೋಆಯಿಲ ದೀಪ ತಯಾರಿಕೆಯಿಂದ 150 ಯುವಕರು, ಮಹಿಳೆಯರು ಉದ್ಯೋಗ ಪಡೆದಿದ್ದಾರೆ
ದೃಷ್ಟಿಜ ಪ್ರಾಂತದ 10 ಸ್ಥಾನಗಳಲ್ಲಿ ಪ್ರತಿ ತಿಂಗಳ ಗೋಪೂಜೆ ಕಾರ್ಯಕ್ರಮ ನಡೆಯುತ್ತಿದೆ
ಮೂಲ ಕಾರ್ಯ, ಗೋ ಸಾಕಣೆ ಮತ್ತು ಗವ್ಯ ಉತ್ಪನ್ನ ಬಳಸುವ ಕುಟುಂಬಗಳ ಸಂಖ್ಯೆ 2,200
45 ಗ್ರಾಮಗಳಲ್ಲಿ ಗೋ ಸೇವಾ ಸಮಿತಿ, 38 ಕೇಂದ್ರಗಳಲ್ಲಿ ಗವ್ಯ ಉತ್ಪನ್ನ ಮಾರಾಟಕ್ಕೆ ಕೇಂದ್ರ ಆರಂಭಿಸಲಾಗಿದೆ
ಸ್ವಾವಲಂಬಿ ಸುರಭಿ ಗ್ರಾಮ ಸಮೂಹ
ಬಾಗಲಕೋಟೆ ಜಿಲ್ಲೆಯ 20 ಗ್ರಾಮಗಳನ್ನು ಸುರಭಿ ಗ್ರಾಮ ಸಮೂಹ ಎಂದು ಗುರುತಿಸಿ ಗೋ ಆಧಾರಿತ ಸ್ವಾವಲಂಬಿ ಬದುಕಿಗೆ ಪ್ರೇರಣೆ ನೀಡಲಾಗುತ್ತಿದೆ. ಬಾಗಲಕೋಟೆ ಜಿಲ್ಲೆಯ 20 ಗ್ರಾಮಗಳನ್ನು ಸುರಭಿ ಗ್ರಾಮ ಸಮೂಹ ಎಂದು ಗುರುತಿಸಿ ಗೋ ಆಧಾರಿತ ಸ್ವಾವಲಂಬಿ ಬದುಕಿಗೆ ಪ್ರೇರಣೆ ನೀಡಲಾಗುತ್ತಿದೆ.
ಗೋ ವಿಜ್ಞಾನ ಪರೀಕ್ಷೆ
ಶಾಲಾ-ಕಾಲೇಜು ವಿದ್ಯಾರ್ಥಿಗಳಿಗೆ ಗೋವಿನ ಕುರಿತು ಗೋ ವಿಜ್ಞಾನ ಪರೀಕ್ಷೆ ಆಯೋಜಿಸಲಾಗುತ್ತದೆ. ಈ ಮೂಲಕ ಯುವಜನರಲ್ಲಿ ಗೋವಿನ ಮಹತ್ವ ತಿಳಿಸಲಾಗುತ್ತಿದೆ. ಶಾಲಾ-ಕಾಲೇಜು ವಿದ್ಯಾರ್ಥಿಗಳಿಗೆ ಗೋವಿನ ಕುರಿತು ಗೋ ವಿಜ್ಞಾನ ಪರೀಕ್ಷೆ ಆಯೋಜಿಸಲಾಗುತ್ತದೆ. ಈ ಮೂಲಕ ಯುವಜನರಲ್ಲಿ ಗೋವಿನ ಮಹತ್ವ ತಿಳಿಸಲಾಗುತ್ತಿದೆ.
